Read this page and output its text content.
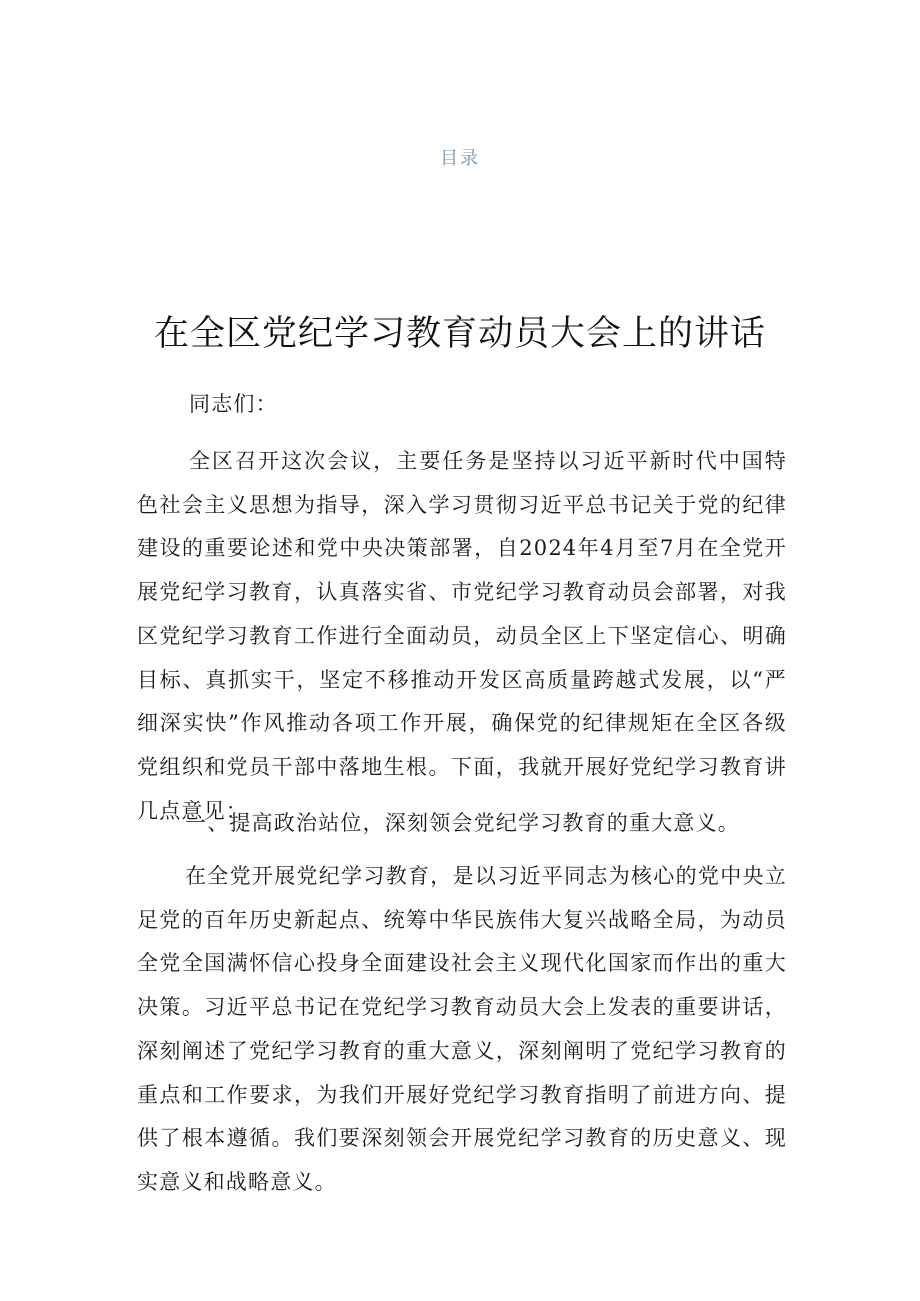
目录
在全区党纪学习教育动员大会上的讲话

同志们：

全区召开这次会议，主要任务是坚持以习近平新时代中国特色社会主义思想为指导，深入学习贯彻习近平总书记关于党的纪律建设的重要论述和党中央决策部署，自2024年4月至7月在全党开展党纪学习教育，认真落实省、市党纪学习教育动员会部署，对我区党纪学习教育工作进行全面动员，动员全区上下坚定信心、明确目标、真抓实干，坚定不移推动开发区高质量跨越式发展，以“严细深实快”作风推动各项工作开展，确保党的纪律规矩在全区各级党组织和党员干部中落地生根。下面，我就开展好党纪学习教育讲几点意见：

一、提高政治站位，深刻领会党纪学习教育的重大意义。

在全党开展党纪学习教育，是以习近平同志为核心的党中央立足党的百年历史新起点、统筹中华民族伟大复兴战略全局，为动员全党全国满怀信心投身全面建设社会主义现代化国家而作出的重大决策。习近平总书记在党纪学习教育动员大会上发表的重要讲话，深刻阐述了党纪学习教育的重大意义，深刻阐明了党纪学习教育的重点和工作要求，为我们开展好党纪学习教育指明了前进方向、提供了根本遵循。我们要深刻领会开展党纪学习教育的历史意义、现实意义和战略意义。
